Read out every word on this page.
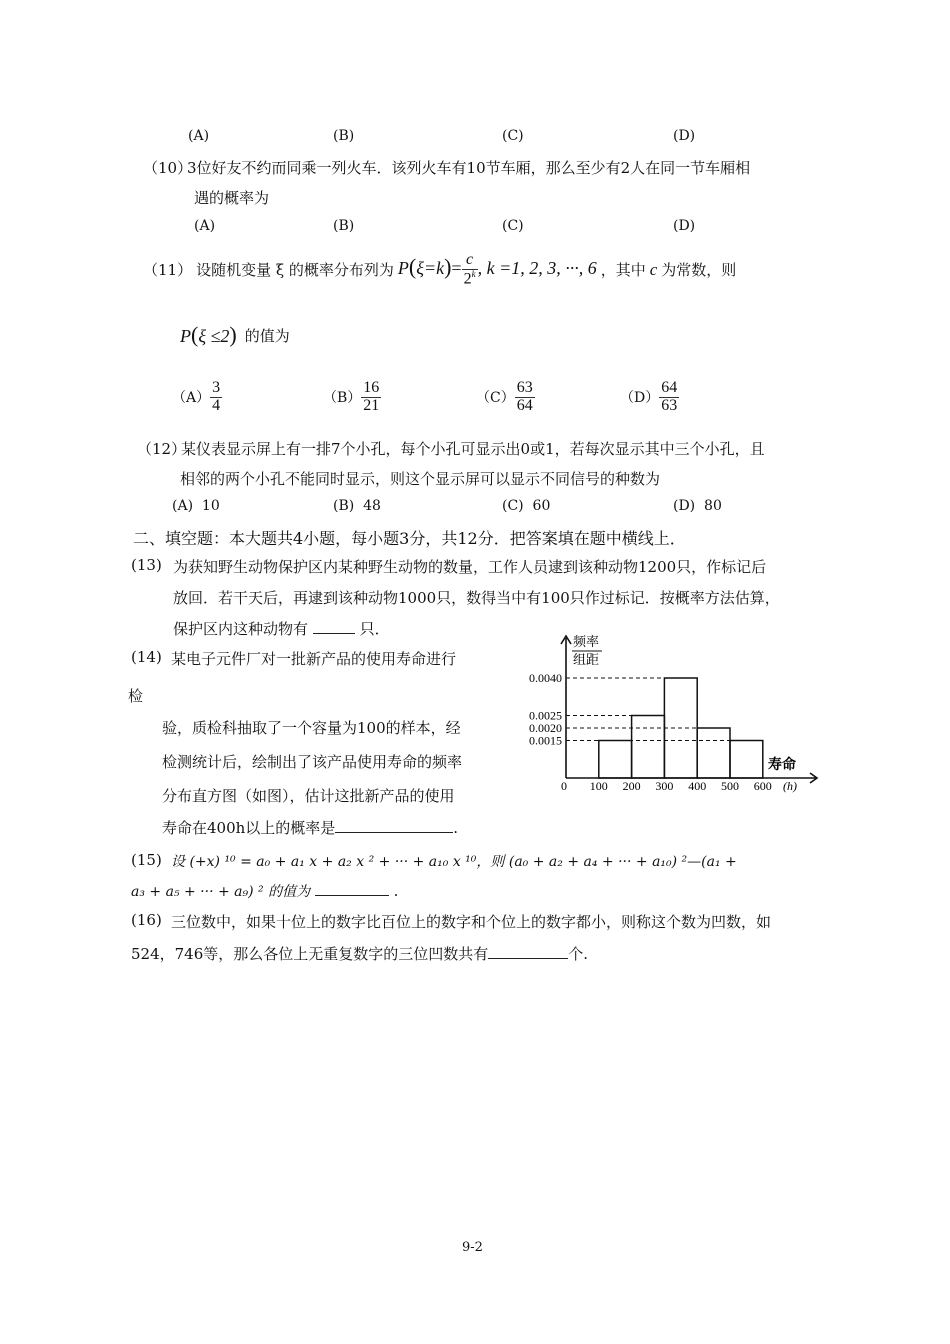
(A)	(B)	(C)	(D)
（10）
3位好友不约而同乘一列火车．该列火车有10节车厢，那么至少有2人在同一节车厢相
遇的概率为
(A)	(B)	(C)	(D)
（11） 设随机变量 ξ 的概率分布列为 $P(\xi=k)= \frac{c}{2^k}$ , k =1, 2, 3, ···, 6 ，其中 c 为常数，则
P(ξ ≤2) 的值为
$(A) \frac{3}{4}$	$(B) \frac{16}{21}$	$(C) \frac{63}{64}$	$(D) \frac{64}{63}$
（12）
某仪表显示屏上有一排7个小孔，每个小孔可显示出0或1，若每次显示其中三个小孔，且
相邻的两个小孔不能同时显示，则这个显示屏可以显示不同信号的种数为
(A)  10	(B)  48	(C)  60	(D)  80
二、填空题：本大题共4小题，每小题3分，共12分．把答案填在题中横线上．
(13) 为获知野生动物保护区内某种野生动物的数量，工作人员逮到该种动物1200只，作标记后
放回．若干天后，再逮到该种动物1000只，数得当中有100只作过标记．按概率方法估算，
保护区内这种动物有	只．
(14) 某电子元件厂对一批新产品的使用寿命进行
检
验，质检科抽取了一个容量为100的样本，经
检测统计后，绘制出了该产品使用寿命的频率
分布直方图（如图），估计这批新产品的使用
寿命在400h以上的概率是	.
频率
组距
寿命
(h)
0
0.0040
0.0025
0.0020
0.0015
100 200 300 400 500 600
(15) 设 (+x) ¹⁰ = a₀ + a₁ x + a₂ x ² + ··· + a₁₀ x ¹⁰，则 (a₀ + a₂ + a₄ + ··· + a₁₀) ²—(a₁ +
a₃ + a₅ + ··· + a₉) ² 的值为	.
(16) 三位数中，如果十位上的数字比百位上的数字和个位上的数字都小，则称这个数为凹数，如
524，746等，那么各位上无重复数字的三位凹数共有	个.
9-2
